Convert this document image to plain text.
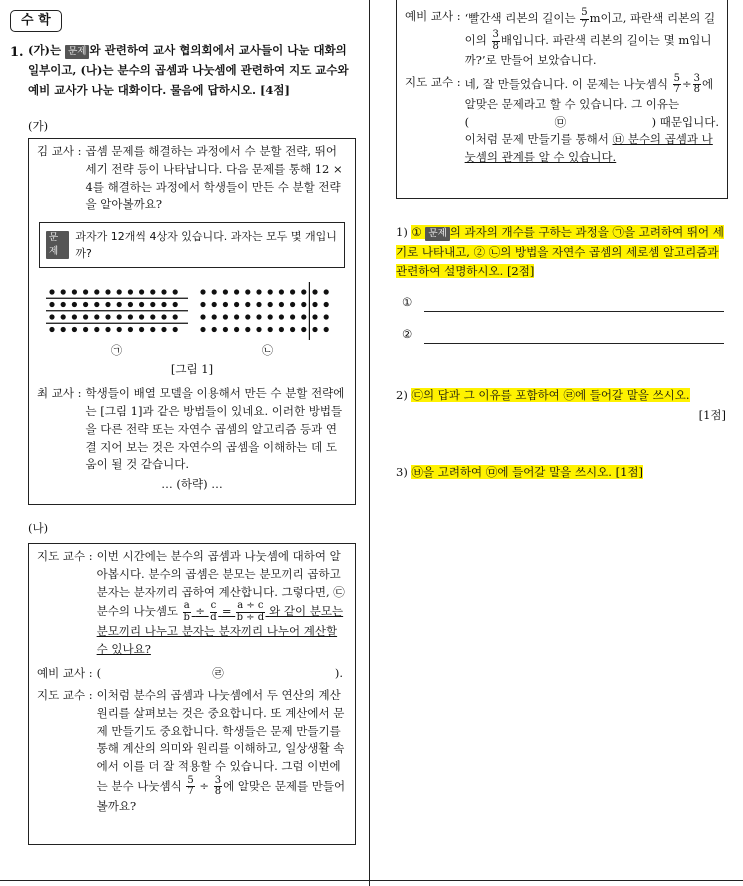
수 학
1. (가)는 문제 와 관련하여 교사 협의회에서 교사들이 나눈 대화의 일부이고, (나)는 분수의 곱셈과 나눗셈에 관련하여 지도 교수와 예비 교사가 나눈 대화이다. 물음에 답하시오. [4점]
(가)
김 교사 : 곱셈 문제를 해결하는 과정에서 수 분할 전략, 뛰어 세기 전략 등이 나타납니다. 다음 문제를 통해 12 × 4를 해결하는 과정에서 학생들이 만든 수 분할 전략을 알아볼까요?
문제
과자가 12개씩 4상자 있습니다. 과자는 모두 몇 개입니까?
㉠	㉡
[그림 1]
최 교사 : 학생들이 배열 모델을 이용해서 만든 수 분할 전략에는 [그림 1]과 같은 방법들이 있네요. 이러한 방법들을 다른 전략 또는 자연수 곱셈의 알고리즘 등과 연결 지어 보는 것은 자연수의 곱셈을 이해하는 데 도움이 될 것 같습니다.
… (하략) …
(나)
지도 교수 : 이번 시간에는 분수의 곱셈과 나눗셈에 대하여 알아봅시다. 분수의 곱셈은 분모는 분모끼리 곱하고 분자는 분자끼리 곱하여 계산합니다. 그렇다면, ㉢ 분수의 나눗셈도 $\frac{a}{b} \div \frac{c}{d} = \frac{a \div c}{b \div d}$ 와 같이 분모는 분모끼리 나누고 분자는 분자끼리 나누어 계산할 수 있나요?
예비 교사 : (	㉣	).
지도 교수 : 이처럼 분수의 곱셈과 나눗셈에서 두 연산의 계산 원리를 살펴보는 것은 중요합니다. 또 계산에서 문제 만들기도 중요합니다. 학생들은 문제 만들기를 통해 계산의 의미와 원리를 이해하고, 일상생활 속에서 이를 더 잘 적용할 수 있습니다. 그럼 이번에는 분수 나눗셈식 $\frac{5}{7} \div \frac{3}{8}$ 에 알맞은 문제를 만들어 볼까요?
예비 교사 : ‘빨간색 리본의 길이는 $\frac{5}{7}$ m이고, 파란색 리본의 길이의 $\frac{3}{8}$ 배입니다. 파란색 리본의 길이는 몇 m입니까?’로 만들어 보았습니다.
지도 교수 : 네, 잘 만들었습니다. 이 문제는 나눗셈식 $\frac{5}{7} \div \frac{3}{8}$ 에 알맞은 문제라고 할 수 있습니다. 그 이유는
(	㉤	) 때문입니다.
이처럼 문제 만들기를 통해서 ㉥ 분수의 곱셈과 나눗셈의 관계를 알 수 있습니다.
1) ① 문제 의 과자의 개수를 구하는 과정을 ㉠을 고려하여 뛰어 세기로 나타내고, ② ㉡의 방법을 자연수 곱셈의 세로셈 알고리즘과 관련하여 설명하시오. [2점]
①
②
2) ㉢의 답과 그 이유를 포함하여 ㉣에 들어갈 말을 쓰시오.
[1점]
3) ㉥을 고려하여 ㉤에 들어갈 말을 쓰시오. [1점]
